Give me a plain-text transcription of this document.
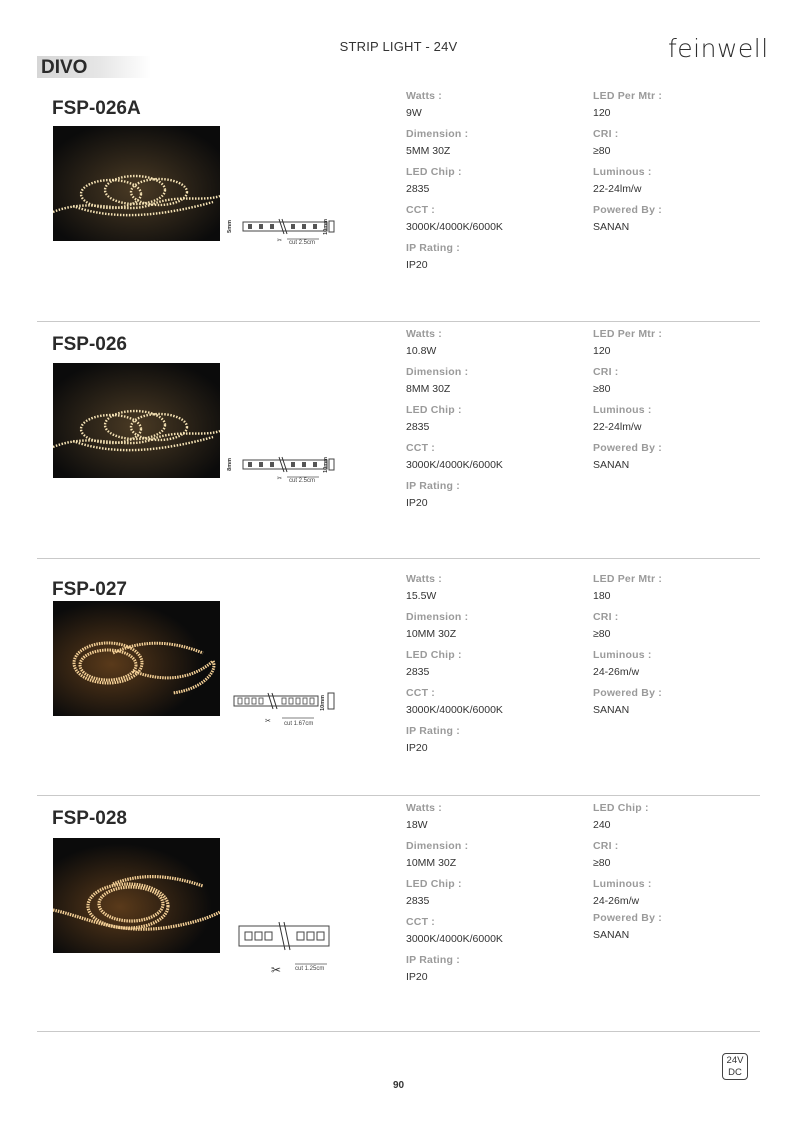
STRIP LIGHT - 24V	feinwell
DIVO
FSP-026A
✂
5mm	10mm
cut 2.5cm
Watts :
9W
Dimension :
5MM 30Z
LED Chip :
2835
CCT :
3000K/4000K/6000K
IP Rating :
IP20
LED Per Mtr :
120
CRI :
≥80
Luminous :
22-24lm/w
Powered By :
SANAN
FSP-026
✂
8mm	10mm
cut 2.5cm
Watts :
10.8W
Dimension :
8MM 30Z
LED Chip :
2835
CCT :
3000K/4000K/6000K
IP Rating :
IP20
LED Per Mtr :
120
CRI :
≥80
Luminous :
22-24lm/w
Powered By :
SANAN
FSP-027
✂
10mm
cut 1.67cm
Watts :
15.5W
Dimension :
10MM 30Z
LED Chip :
2835
CCT :
3000K/4000K/6000K
IP Rating :
IP20
LED Per Mtr :
180
CRI :
≥80
Luminous :
24-26m/w
Powered By :
SANAN
FSP-028
✂ cut 1.25cm
Watts :
18W
Dimension :
10MM 30Z
LED Chip :
2835
CCT :
3000K/4000K/6000K
IP Rating :
IP20
LED Chip :
240
CRI :
≥80
Luminous :
24-26m/w
Powered By :
SANAN
24V
DC
90
